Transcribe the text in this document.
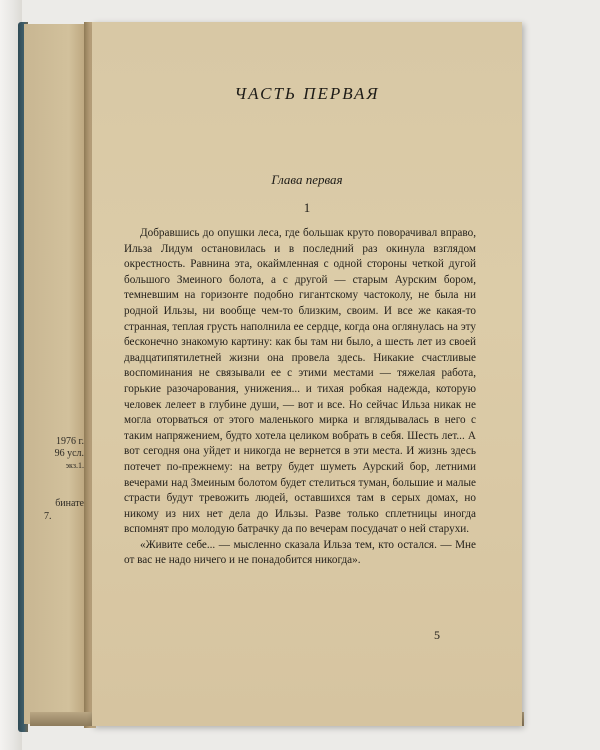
1976 г.
96 усл.
экз.1.
бинате
7.
ЧАСТЬ ПЕРВАЯ
Глава первая
1

Добравшись до опушки леса, где большак круто поворачивал вправо, Ильза Лидум остановилась и в последний раз окинула взглядом окрестность. Равнина эта, окаймленная с одной стороны четкой дугой большого Змеиного болота, а с другой — старым Аурским бором, темневшим на горизонте подобно гигантскому частоколу, не была ни родной Ильзы, ни вообще чем-то близким, своим. И все же какая-то странная, теплая грусть наполнила ее сердце, когда она оглянулась на эту бесконечно знакомую картину: как бы там ни было, а шесть лет из своей двадцатипятилетней жизни она провела здесь. Никакие счастливые воспоминания не связывали ее с этими местами — тяжелая работа, горькие разочарования, унижения... и тихая робкая надежда, которую человек лелеет в глубине души, — вот и все. Но сейчас Ильза никак не могла оторваться от этого маленького мирка и вглядывалась в него с таким напряжением, будто хотела целиком вобрать в себя. Шесть лет... А вот сегодня она уйдет и никогда не вернется в эти места. И жизнь здесь потечет по-прежнему: на ветру будет шуметь Аурский бор, летними вечерами над Змеиным болотом будет стелиться туман, большие и малые страсти будут тревожить людей, оставшихся там в серых домах, но никому из них нет дела до Ильзы. Разве только сплетницы иногда вспомнят про молодую батрачку да по вечерам посудачат о ней старухи.

«Живите себе... — мысленно сказала Ильза тем, кто остался. — Мне от вас не надо ничего и не понадобится никогда».

5
